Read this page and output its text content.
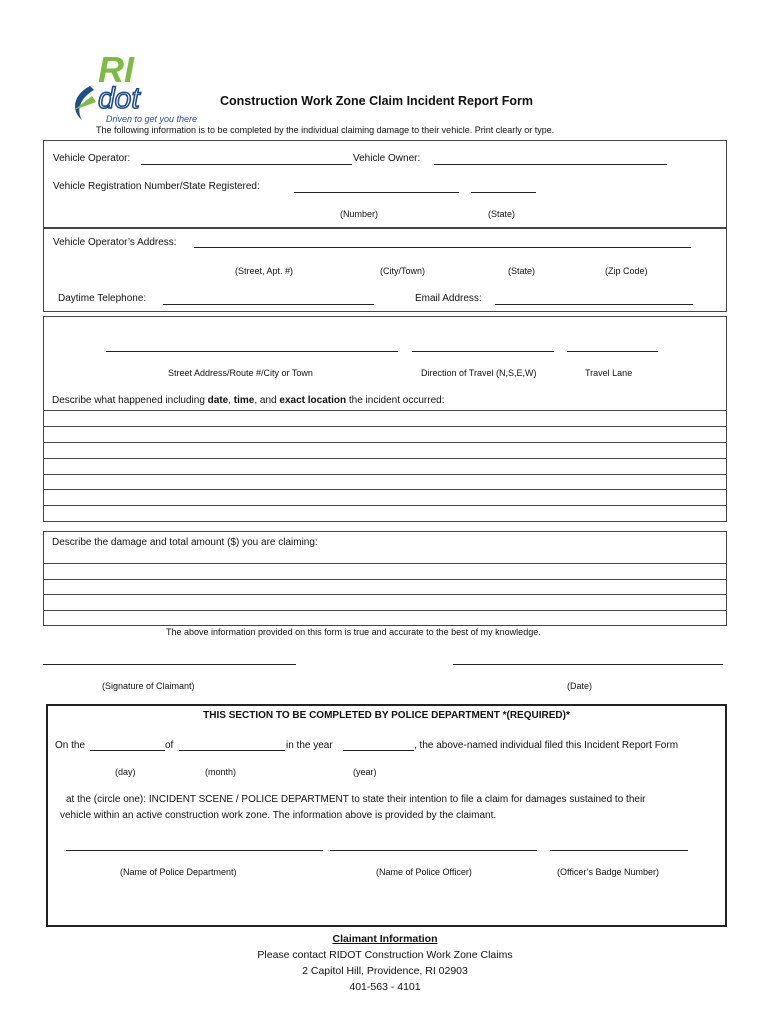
RI
dot
Driven to get you there
Construction Work Zone Claim Incident Report Form
The following information is to be completed by the individual claiming damage to their vehicle. Print clearly or type.
Vehicle Operator:	Vehicle Owner:
Vehicle Registration Number/State Registered:
(Number)	(State)
Vehicle Operator’s Address:
(Street, Apt. #)	(City/Town)	(State)	(Zip Code)
Daytime Telephone:	Email Address:
Street Address/Route #/City or Town	Direction of Travel (N,S,E,W)	Travel Lane
Describe what happened including date, time, and exact location the incident occurred:
Describe the damage and total amount ($) you are claiming:
The above information provided on this form is true and accurate to the best of my knowledge.
(Signature of Claimant)	(Date)
THIS SECTION TO BE COMPLETED BY POLICE DEPARTMENT *(REQUIRED)*
On the	of	in the year	, the above-named individual filed this Incident Report Form
(day)	(month)	(year)
at the (circle one): INCIDENT SCENE / POLICE DEPARTMENT to state their intention to file a claim for damages sustained to their
vehicle within an active construction work zone. The information above is provided by the claimant.
(Name of Police Department)	(Name of Police Officer)	(Officer’s Badge Number)
Claimant Information
Please contact RIDOT Construction Work Zone Claims
2 Capitol Hill, Providence, RI 02903
401-563 - 4101
